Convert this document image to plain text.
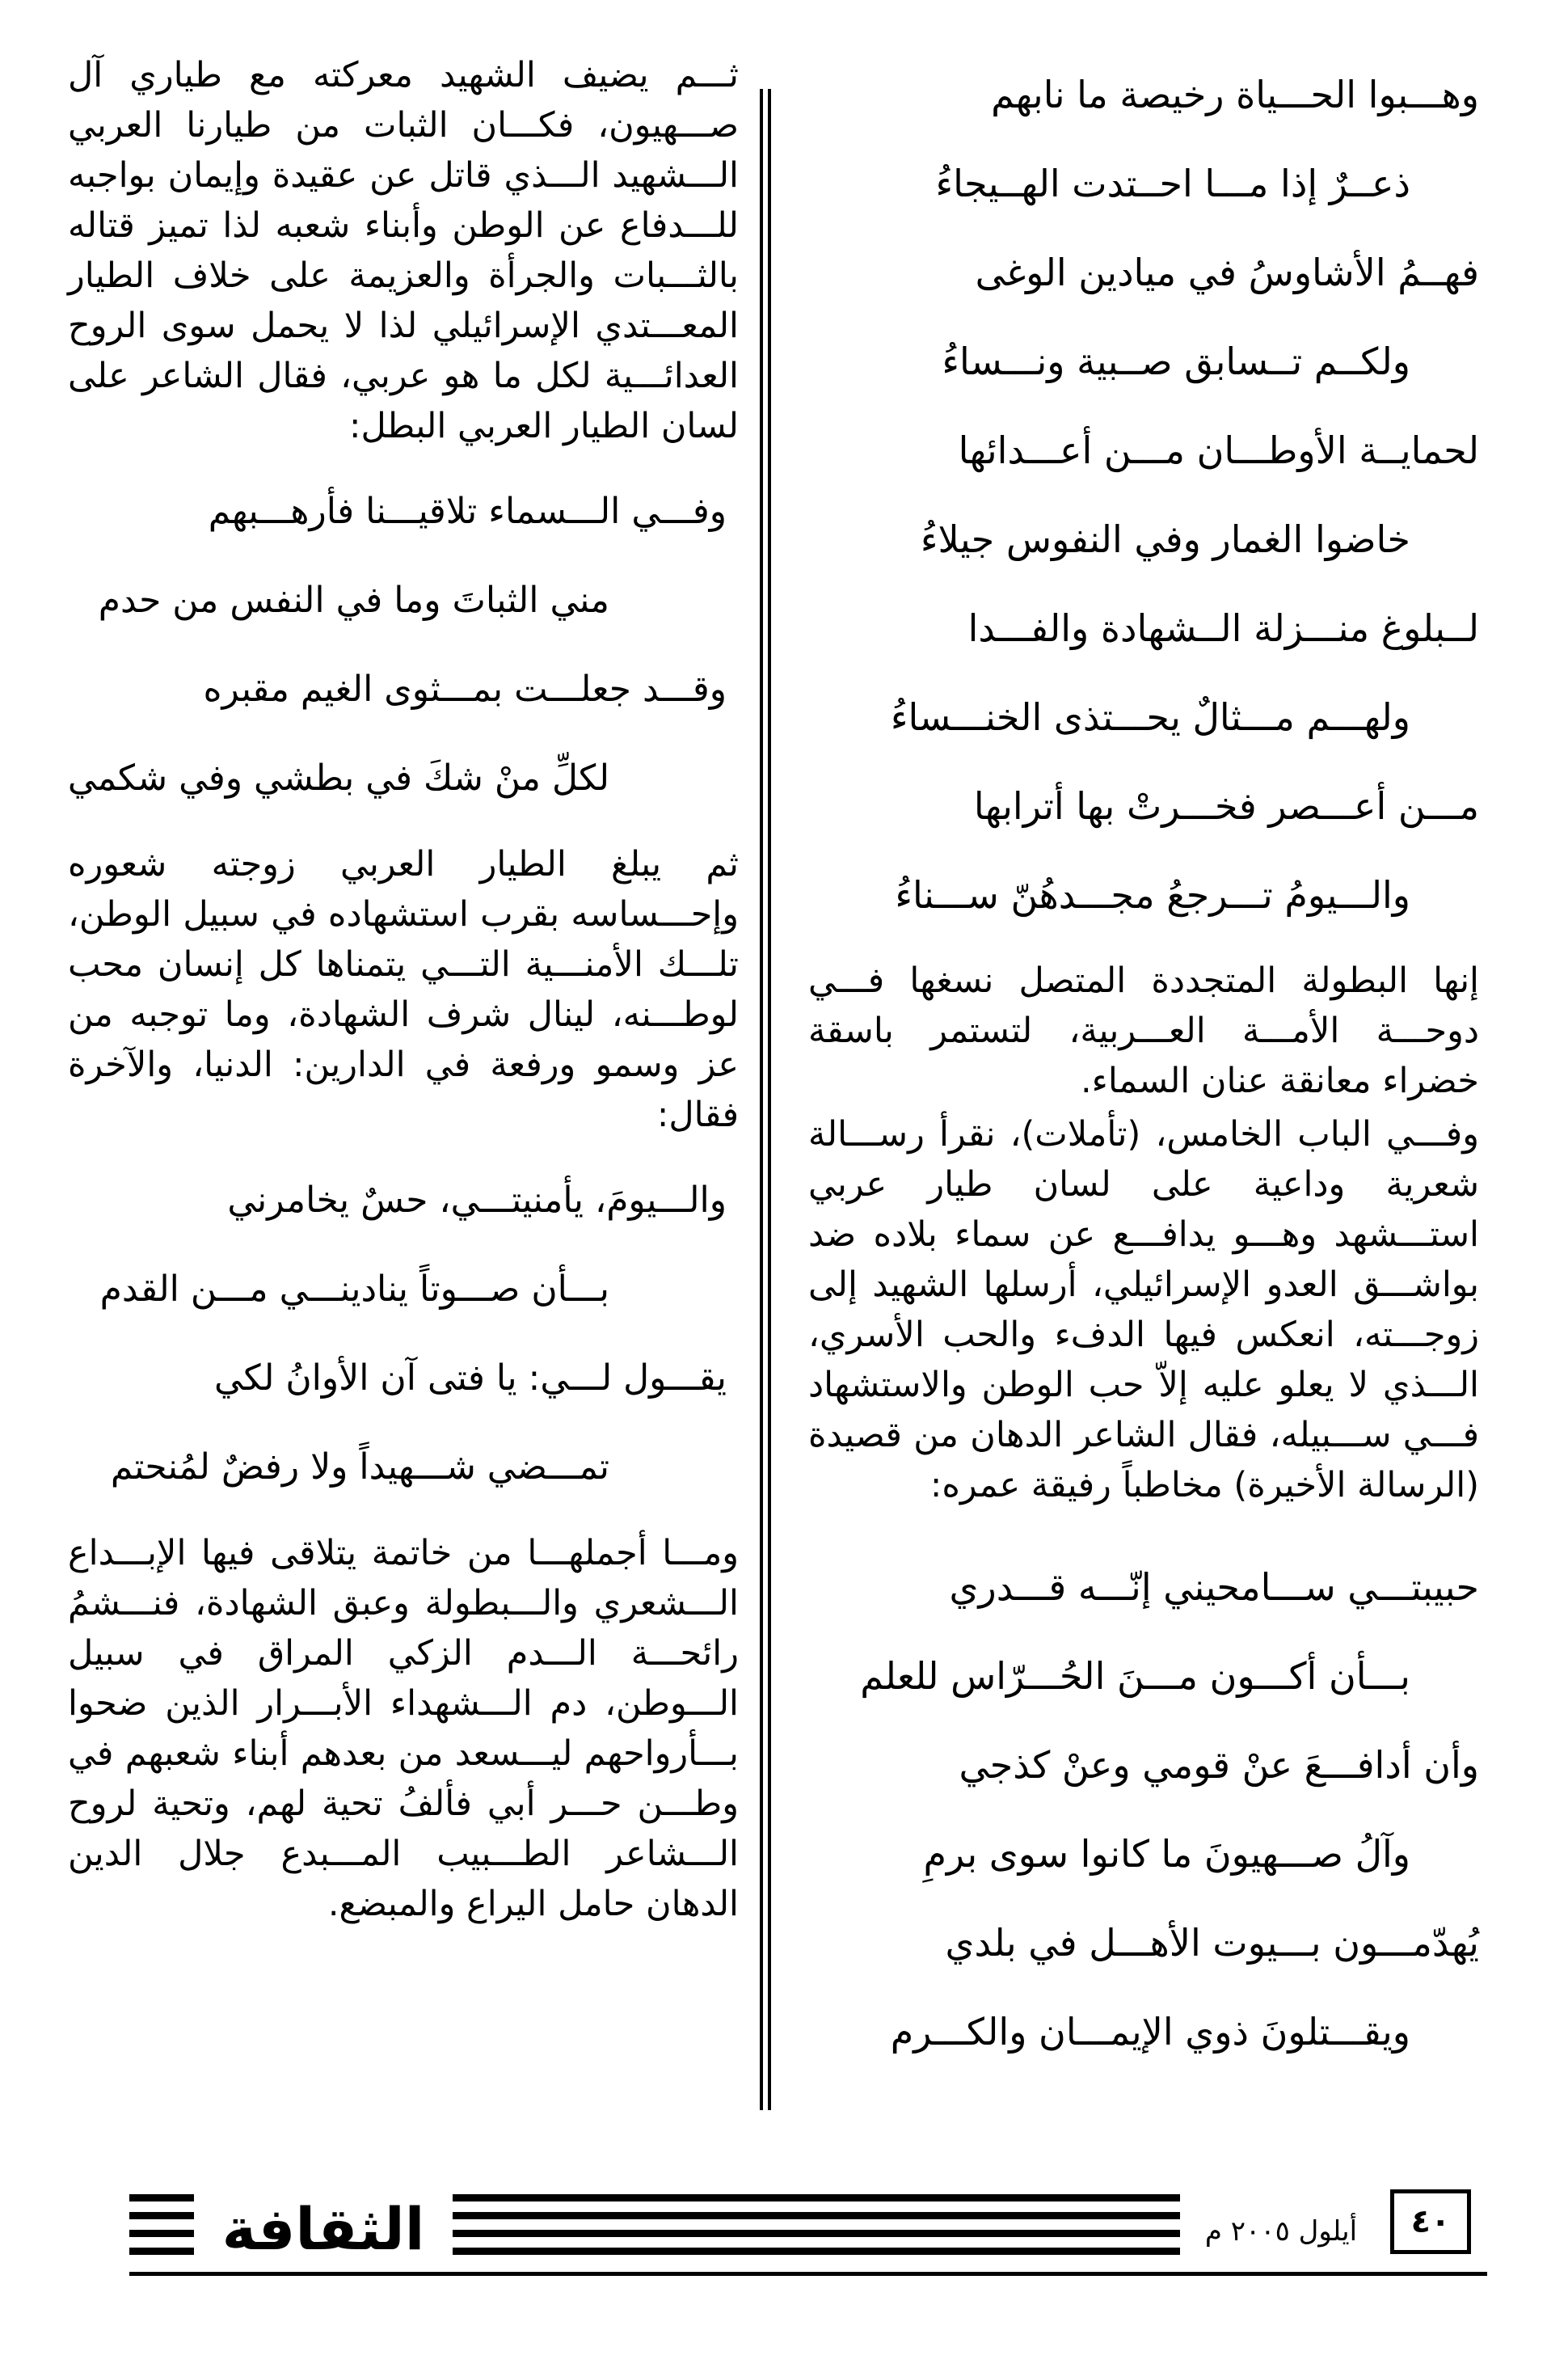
وهـــبوا الحـــياة رخيصة ما نابهم
ذعــرٌ إذا مـــا احــتدت الهــيجاءُ
فهــمُ الأشاوسُ في ميادين الوغى
ولكــم تــسابق صــبية ونـــساءُ
لحمايــة الأوطـــان مـــن أعـــدائها
خاضوا الغمار وفي النفوس جيلاءُ
لــبلوغ منـــزلة الــشهادة والفـــدا
ولهـــم مـــثالٌ يحـــتذى الخنـــساءُ
مـــن أعـــصر فخـــرتْ بها أترابها
والـــيومُ تـــرجعُ مجـــدهُنّ ســـناءُ

إنها البطولة المتجددة المتصل نسغها فـــي دوحـــة الأمـــة العـــربية، لتستمر باسقة خضراء معانقة عنان السماء.

وفـــي الباب الخامس، (تأملات)، نقرأ رســـالة شعرية وداعية على لسان طيار عربي استـــشهد وهـــو يدافـــع عن سماء بلاده ضد بواشـــق العدو الإسرائيلي، أرسلها الشهيد إلى زوجـــته، انعكس فيها الدفء والحب الأسري، الـــذي لا يعلو عليه إلاّ حب الوطن والاستشهاد فـــي ســـبيله، فقال الشاعر الدهان من قصيدة (الرسالة الأخيرة) مخاطباً رفيقة عمره:

حبيبتـــي ســـامحيني إنّـــه قـــدري
بـــأن أكـــون مـــنَ الحُـــرّاس للعلم
وأن أدافـــعَ عنْ قومي وعنْ كذجي
وآلُ صـــهيونَ ما كانوا سوى برمِ
يُهدّمـــون بـــيوت الأهـــل في بلدي
ويقـــتلونَ ذوي الإيمـــان والكـــرم

ثـــم يضيف الشهيد معركته مع طياري آل صـــهيون، فكـــان الثبات من طيارنا العربي الـــشهيد الـــذي قاتل عن عقيدة وإيمان بواجبه للـــدفاع عن الوطن وأبناء شعبه لذا تميز قتاله بالثـــبات والجرأة والعزيمة على خلاف الطيار المعـــتدي الإسرائيلي لذا لا يحمل سوى الروح العدائـــية لكل ما هو عربي، فقال الشاعر على لسان الطيار العربي البطل:

وفـــي الـــسماء تلاقيـــنا فأرهـــبهم
مني الثباتَ وما في النفس من حدم
وقـــد جعلـــت بمـــثوى الغيم مقبره
لكلِّ منْ شكَ في بطشي وفي شكمي

ثم يبلغ الطيار العربي زوجته شعوره وإحـــساسه بقرب استشهاده في سبيل الوطن، تلـــك الأمنـــية التـــي يتمناها كل إنسان محب لوطـــنه، لينال شرف الشهادة، وما توجبه من عز وسمو ورفعة في الدارين: الدنيا، والآخرة فقال:

والـــيومَ، يأمنيتـــي، حسٌ يخامرني
بـــأن صـــوتاً ينادينـــي مـــن القدم
يقـــول لـــي: يا فتى آن الأوانُ لكي
تمـــضي شـــهيداً ولا رفضٌ لمُنحتم

ومـــا أجملهـــا من خاتمة يتلاقى فيها الإبـــداع الـــشعري والـــبطولة وعبق الشهادة، فنـــشمُ رائحـــة الـــدم الزكي المراق في سبيل الـــوطن، دم الـــشهداء الأبـــرار الذين ضحوا بـــأرواحهم ليـــسعد من بعدهم أبناء شعبهم في وطـــن حـــر أبي فألفُ تحية لهم، وتحية لروح الـــشاعر الطـــبيب المـــبدع جلال الدين الدهان حامل اليراع والمبضع.

الثقافة	أيلول ٢٠٠٥ م	٤٠
